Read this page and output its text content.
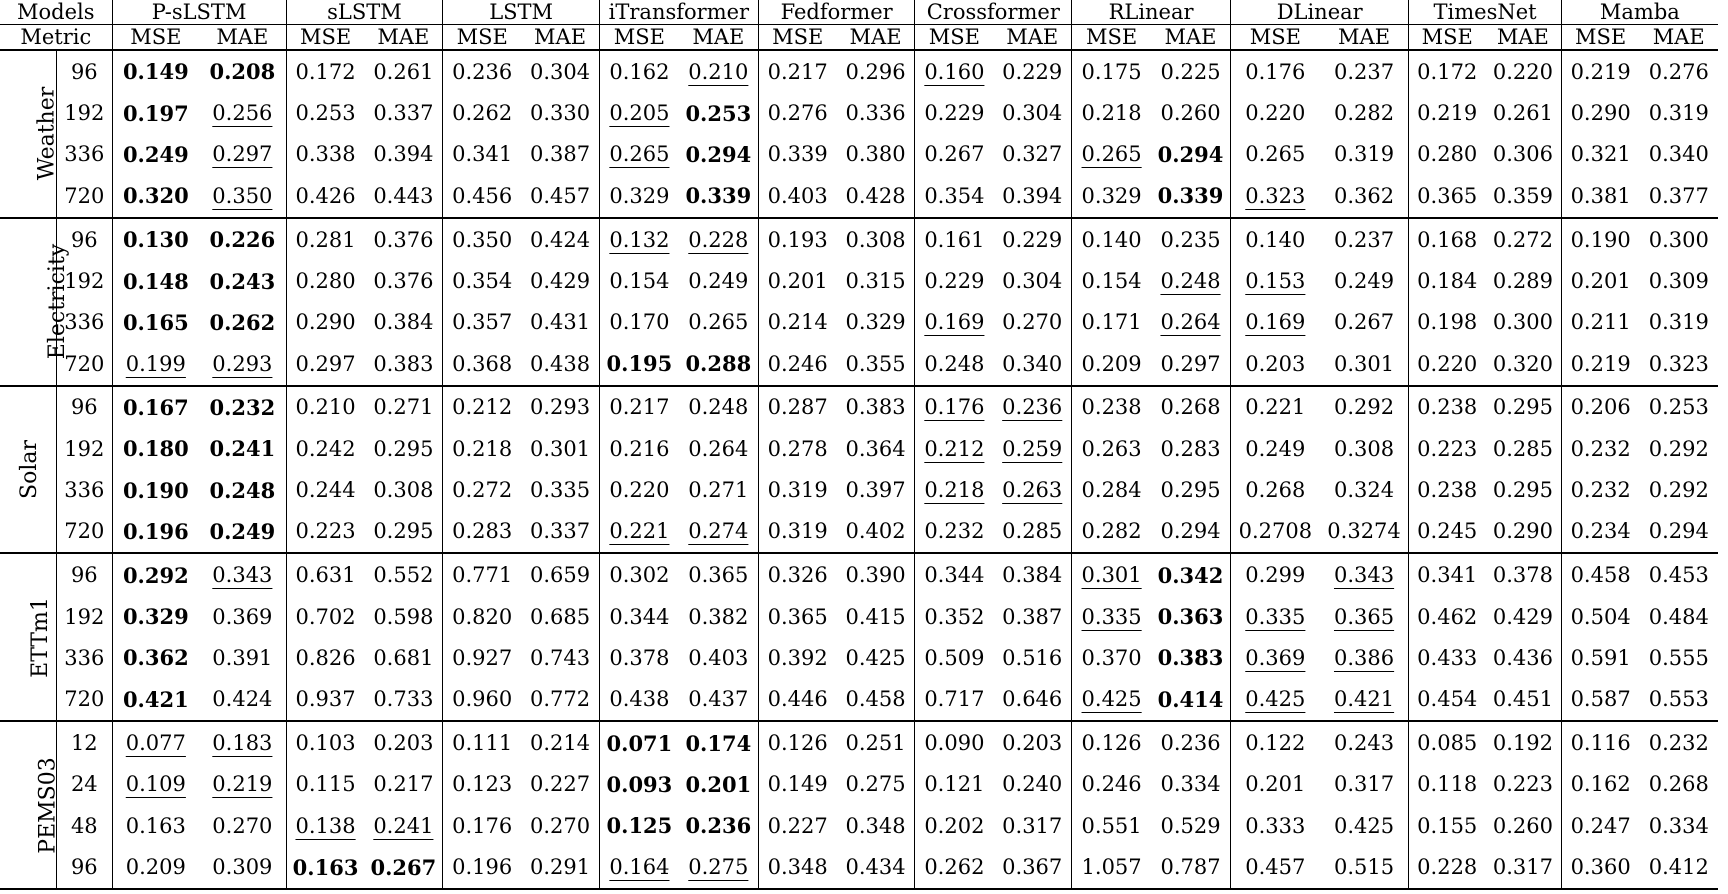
Models		P-sLSTM		sLSTM		LSTM		iTransformer		Fedformer		Crossformer		RLinear		DLinear		TimesNet		Mamba	
Metric		MSE	MAE	MSE	MAE	MSE	MAE	MSE	MAE	MSE	MAE	MSE	MAE	MSE	MAE	MSE	MAE	MSE	MAE	MSE	MAE
Weather	96	0.149	0.208	0.172	0.261	0.236	0.304	0.162	0.210	0.217	0.296	0.160	0.229	0.175	0.225	0.176	0.237	0.172	0.220	0.219	0.276
	192	0.197	0.256	0.253	0.337	0.262	0.330	0.205	0.253	0.276	0.336	0.229	0.304	0.218	0.260	0.220	0.282	0.219	0.261	0.290	0.319
	336	0.249	0.297	0.338	0.394	0.341	0.387	0.265	0.294	0.339	0.380	0.267	0.327	0.265	0.294	0.265	0.319	0.280	0.306	0.321	0.340
	720	0.320	0.350	0.426	0.443	0.456	0.457	0.329	0.339	0.403	0.428	0.354	0.394	0.329	0.339	0.323	0.362	0.365	0.359	0.381	0.377
Electricity	96	0.130	0.226	0.281	0.376	0.350	0.424	0.132	0.228	0.193	0.308	0.161	0.229	0.140	0.235	0.140	0.237	0.168	0.272	0.190	0.300
	192	0.148	0.243	0.280	0.376	0.354	0.429	0.154	0.249	0.201	0.315	0.229	0.304	0.154	0.248	0.153	0.249	0.184	0.289	0.201	0.309
	336	0.165	0.262	0.290	0.384	0.357	0.431	0.170	0.265	0.214	0.329	0.169	0.270	0.171	0.264	0.169	0.267	0.198	0.300	0.211	0.319
	720	0.199	0.293	0.297	0.383	0.368	0.438	0.195	0.288	0.246	0.355	0.248	0.340	0.209	0.297	0.203	0.301	0.220	0.320	0.219	0.323
Solar	96	0.167	0.232	0.210	0.271	0.212	0.293	0.217	0.248	0.287	0.383	0.176	0.236	0.238	0.268	0.221	0.292	0.238	0.295	0.206	0.253
	192	0.180	0.241	0.242	0.295	0.218	0.301	0.216	0.264	0.278	0.364	0.212	0.259	0.263	0.283	0.249	0.308	0.223	0.285	0.232	0.292
	336	0.190	0.248	0.244	0.308	0.272	0.335	0.220	0.271	0.319	0.397	0.218	0.263	0.284	0.295	0.268	0.324	0.238	0.295	0.232	0.292
	720	0.196	0.249	0.223	0.295	0.283	0.337	0.221	0.274	0.319	0.402	0.232	0.285	0.282	0.294	0.2708	0.3274	0.245	0.290	0.234	0.294
ETTm1	96	0.292	0.343	0.631	0.552	0.771	0.659	0.302	0.365	0.326	0.390	0.344	0.384	0.301	0.342	0.299	0.343	0.341	0.378	0.458	0.453
	192	0.329	0.369	0.702	0.598	0.820	0.685	0.344	0.382	0.365	0.415	0.352	0.387	0.335	0.363	0.335	0.365	0.462	0.429	0.504	0.484
	336	0.362	0.391	0.826	0.681	0.927	0.743	0.378	0.403	0.392	0.425	0.509	0.516	0.370	0.383	0.369	0.386	0.433	0.436	0.591	0.555
	720	0.421	0.424	0.937	0.733	0.960	0.772	0.438	0.437	0.446	0.458	0.717	0.646	0.425	0.414	0.425	0.421	0.454	0.451	0.587	0.553
PEMS03	12	0.077	0.183	0.103	0.203	0.111	0.214	0.071	0.174	0.126	0.251	0.090	0.203	0.126	0.236	0.122	0.243	0.085	0.192	0.116	0.232
	24	0.109	0.219	0.115	0.217	0.123	0.227	0.093	0.201	0.149	0.275	0.121	0.240	0.246	0.334	0.201	0.317	0.118	0.223	0.162	0.268
	48	0.163	0.270	0.138	0.241	0.176	0.270	0.125	0.236	0.227	0.348	0.202	0.317	0.551	0.529	0.333	0.425	0.155	0.260	0.247	0.334
	96	0.209	0.309	0.163	0.267	0.196	0.291	0.164	0.275	0.348	0.434	0.262	0.367	1.057	0.787	0.457	0.515	0.228	0.317	0.360	0.412
